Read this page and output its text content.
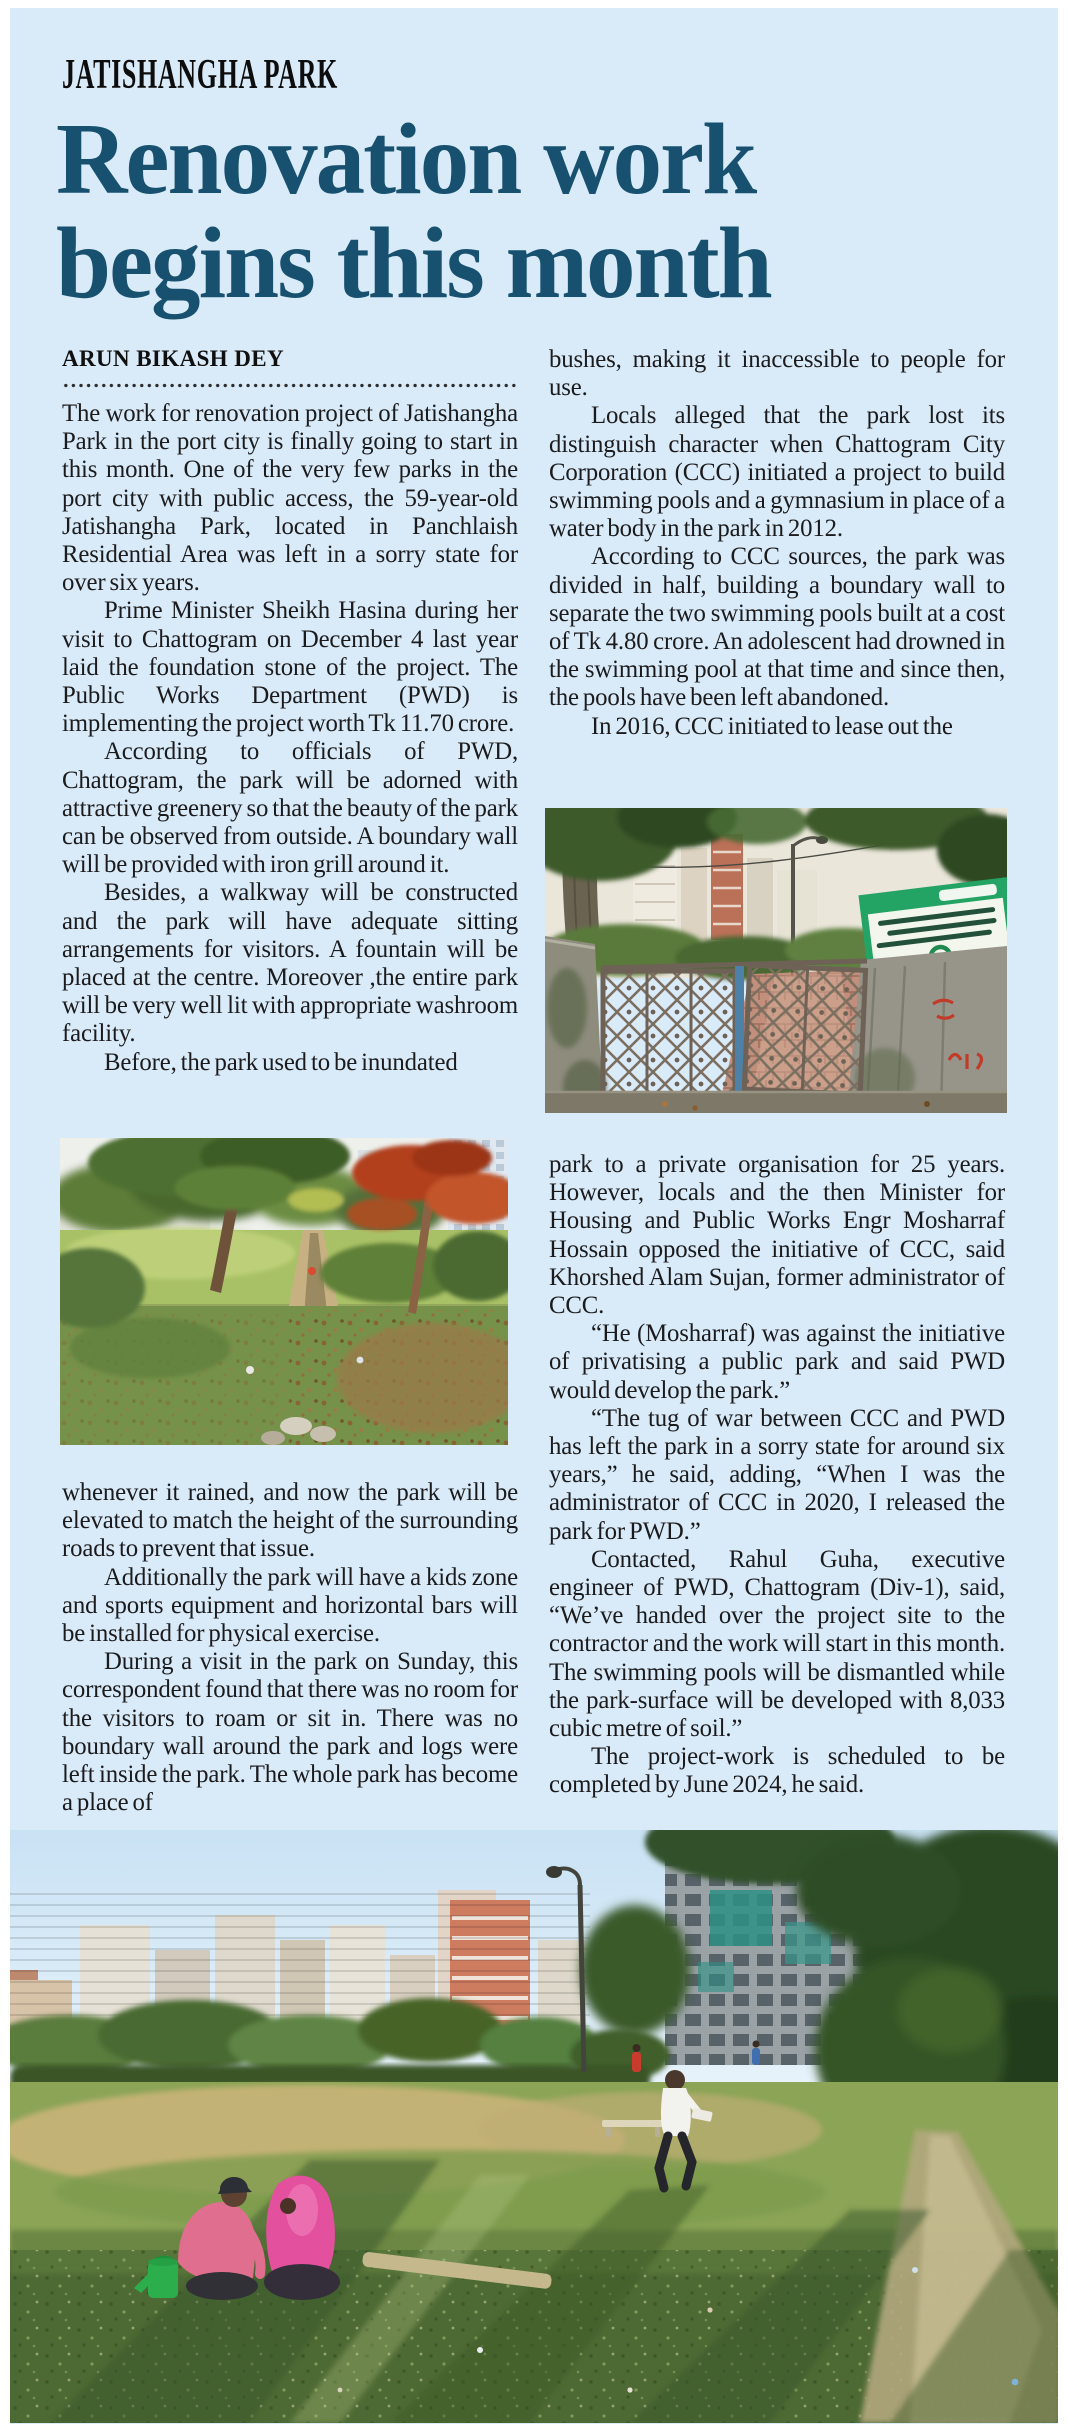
JATISHANGHA PARK
Renovation work
begins this month
ARUN BIKASH DEY

The work for renovation project of Jatishangha Park in the port city is finally going to start in this month. One of the very few parks in the port city with public access, the 59-year-old Jatishangha Park, located in Panchlaish Residential Area was left in a sorry state for over six years.

Prime Minister Sheikh Hasina during her visit to Chattogram on December 4 last year laid the foundation stone of the project. The Public Works Department (PWD) is implementing the project worth Tk 11.70 crore.

According to officials of PWD, Chattogram, the park will be adorned with attractive greenery so that the beauty of the park can be observed from outside. A boundary wall will be provided with iron grill around it.

Besides, a walkway will be constructed and the park will have adequate sitting arrangements for visitors. A fountain will be placed at the centre. Moreover ,the entire park will be very well lit with appropriate washroom facility.

Before, the park used to be inundated

whenever it rained, and now the park will be elevated to match the height of the surrounding roads to prevent that issue.

Additionally the park will have a kids zone and sports equipment and horizontal bars will be installed for physical exercise.

During a visit in the park on Sunday, this correspondent found that there was no room for the visitors to roam or sit in. There was no boundary wall around the park and logs were left inside the park. The whole park has become a place of

bushes, making it inaccessible to people for use.

Locals alleged that the park lost its distinguish character when Chattogram City Corporation (CCC) initiated a project to build swimming pools and a gymnasium in place of a water body in the park in 2012.

According to CCC sources, the park was divided in half, building a boundary wall to separate the two swimming pools built at a cost of Tk 4.80 crore. An adolescent had drowned in the swimming pool at that time and since then, the pools have been left abandoned.

In 2016, CCC initiated to lease out the

park to a private organisation for 25 years. However, locals and the then Minister for Housing and Public Works Engr Mosharraf Hossain opposed the initiative of CCC, said Khorshed Alam Sujan, former administrator of CCC.

“He (Mosharraf) was against the initiative of privatising a public park and said PWD would develop the park.”

“The tug of war between CCC and PWD has left the park in a sorry state for around six years,” he said, adding, “When I was the administrator of CCC in 2020, I released the park for PWD.”

Contacted, Rahul Guha, executive engineer of PWD, Chattogram (Div-1), said, “We’ve handed over the project site to the contractor and the work will start in this month. The swimming pools will be dismantled while the park-surface will be developed with 8,033 cubic metre of soil.”

The project-work is scheduled to be completed by June 2024, he said.
